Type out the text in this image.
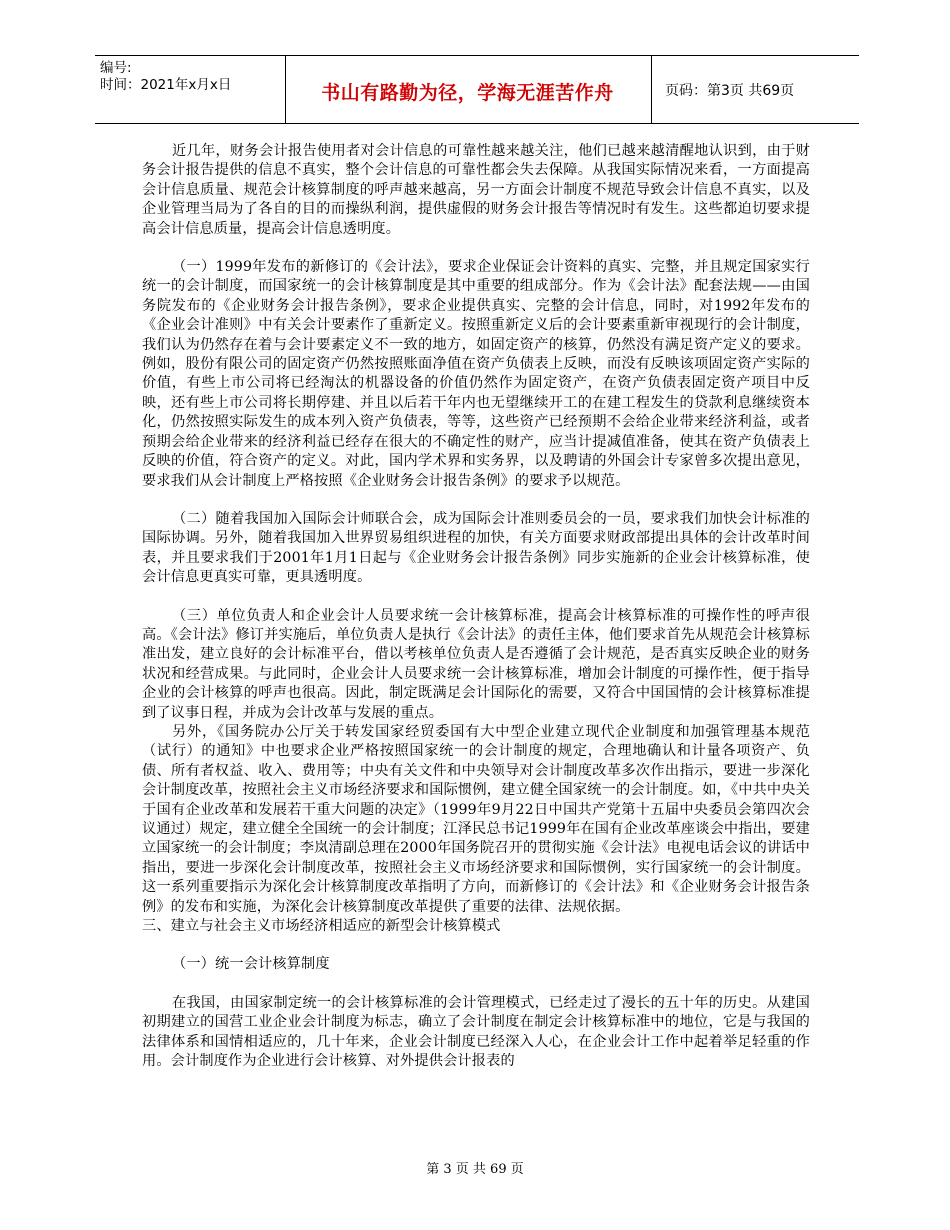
编号:
时间：2021年x月x日	书山有路勤为径，学海无涯苦作舟	页码：第3页 共69页

近几年，财务会计报告使用者对会计信息的可靠性越来越关注，他们已越来越清醒地认识到，由于财务会计报告提供的信息不真实，整个会计信息的可靠性都会失去保障。从我国实际情况来看，一方面提高会计信息质量、规范会计核算制度的呼声越来越高，另一方面会计制度不规范导致会计信息不真实，以及企业管理当局为了各自的目的而操纵利润，提供虚假的财务会计报告等情况时有发生。这些都迫切要求提高会计信息质量，提高会计信息透明度。

（一）1999年发布的新修订的《会计法》，要求企业保证会计资料的真实、完整，并且规定国家实行统一的会计制度，而国家统一的会计核算制度是其中重要的组成部分。作为《会计法》配套法规——由国务院发布的《企业财务会计报告条例》，要求企业提供真实、完整的会计信息，同时，对1992年发布的《企业会计准则》中有关会计要素作了重新定义。按照重新定义后的会计要素重新审视现行的会计制度，我们认为仍然存在着与会计要素定义不一致的地方，如固定资产的核算，仍然没有满足资产定义的要求。例如，股份有限公司的固定资产仍然按照账面净值在资产负债表上反映，而没有反映该项固定资产实际的价值，有些上市公司将已经淘汰的机器设备的价值仍然作为固定资产，在资产负债表固定资产项目中反映，还有些上市公司将长期停建、并且以后若干年内也无望继续开工的在建工程发生的贷款利息继续资本化，仍然按照实际发生的成本列入资产负债表，等等，这些资产已经预期不会给企业带来经济利益，或者预期会给企业带来的经济利益已经存在很大的不确定性的财产，应当计提减值准备，使其在资产负债表上反映的价值，符合资产的定义。对此，国内学术界和实务界，以及聘请的外国会计专家曾多次提出意见，要求我们从会计制度上严格按照《企业财务会计报告条例》的要求予以规范。

（二）随着我国加入国际会计师联合会，成为国际会计准则委员会的一员，要求我们加快会计标准的国际协调。另外，随着我国加入世界贸易组织进程的加快，有关方面要求财政部提出具体的会计改革时间表，并且要求我们于2001年1月1日起与《企业财务会计报告条例》同步实施新的企业会计核算标准，使会计信息更真实可靠，更具透明度。

（三）单位负责人和企业会计人员要求统一会计核算标准，提高会计核算标准的可操作性的呼声很高。《会计法》修订并实施后，单位负责人是执行《会计法》的责任主体，他们要求首先从规范会计核算标准出发，建立良好的会计标准平台，借以考核单位负责人是否遵循了会计规范，是否真实反映企业的财务状况和经营成果。与此同时，企业会计人员要求统一会计核算标准，增加会计制度的可操作性，便于指导企业的会计核算的呼声也很高。因此，制定既满足会计国际化的需要，又符合中国国情的会计核算标准提到了议事日程，并成为会计改革与发展的重点。

另外，《国务院办公厅关于转发国家经贸委国有大中型企业建立现代企业制度和加强管理基本规范（试行）的通知》中也要求企业严格按照国家统一的会计制度的规定，合理地确认和计量各项资产、负债、所有者权益、收入、费用等；中央有关文件和中央领导对会计制度改革多次作出指示，要进一步深化会计制度改革，按照社会主义市场经济要求和国际惯例，建立健全国家统一的会计制度。如，《中共中央关于国有企业改革和发展若干重大问题的决定》（1999年9月22日中国共产党第十五届中央委员会第四次会议通过）规定，建立健全全国统一的会计制度；江泽民总书记1999年在国有企业改革座谈会中指出，要建立国家统一的会计制度；李岚清副总理在2000年国务院召开的贯彻实施《会计法》电视电话会议的讲话中指出，要进一步深化会计制度改革，按照社会主义市场经济要求和国际惯例，实行国家统一的会计制度。这一系列重要指示为深化会计核算制度改革指明了方向，而新修订的《会计法》和《企业财务会计报告条例》的发布和实施，为深化会计核算制度改革提供了重要的法律、法规依据。

三、建立与社会主义市场经济相适应的新型会计核算模式

（一）统一会计核算制度

在我国，由国家制定统一的会计核算标准的会计管理模式，已经走过了漫长的五十年的历史。从建国初期建立的国营工业企业会计制度为标志，确立了会计制度在制定会计核算标准中的地位，它是与我国的法律体系和国情相适应的，几十年来，企业会计制度已经深入人心，在企业会计工作中起着举足轻重的作用。会计制度作为企业进行会计核算、对外提供会计报表的

第 3 页 共 69 页
